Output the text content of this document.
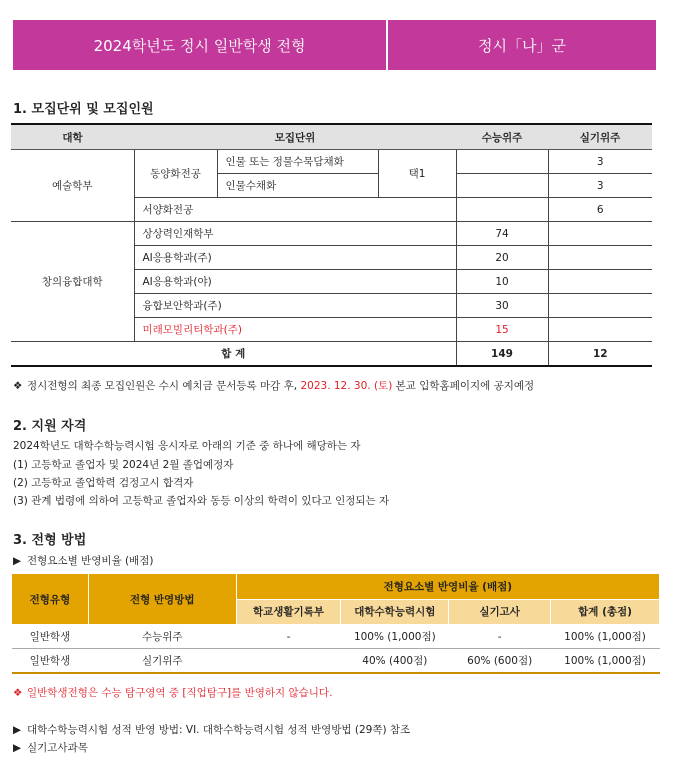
2024학년도 정시 일반학생 전형	정시「나」군
1. 모집단위 및 모집인원
대학	모집단위			수능위주	실기위주
예술학부	동양화전공	인물 또는 정물수묵담채화	택1		3
		인물수채화			3
	서양화전공				6
창의융합대학	상상력인재학부			74	
	AI응용학과(주)			20	
	AI응용학과(야)			10	
	융합보안학과(주)			30	
	미래모빌리티학과(주)			15	
합 계				149	12
❖ 정시전형의 최종 모집인원은 수시 예치금 문서등록 마감 후, 2023. 12. 30. (토) 본교 입학홈페이지에 공지예정
2. 지원 자격
2024학년도 대학수학능력시험 응시자로 아래의 기준 중 하나에 해당하는 자
(1) 고등학교 졸업자 및 2024년 2월 졸업예정자
(2) 고등학교 졸업학력 검정고시 합격자
(3) 관계 법령에 의하여 고등학교 졸업자와 동등 이상의 학력이 있다고 인정되는 자
3. 전형 방법
▶ 전형요소별 반영비율 (배점)
전형유형	전형 반영방법	전형요소별 반영비율 (배점)			
		학교생활기록부	대학수학능력시험	실기고사	합계 (총점)
일반학생	수능위주	-	100% (1,000점)	-	100% (1,000점)
일반학생	실기위주		40% (400점)	60% (600점)	100% (1,000점)
❖ 일반학생전형은 수능 탐구영역 중 [직업탐구]를 반영하지 않습니다.
▶ 대학수학능력시험 성적 반영 방법: VI. 대학수학능력시험 성적 반영방법 (29쪽) 참조
▶ 실기고사과목
